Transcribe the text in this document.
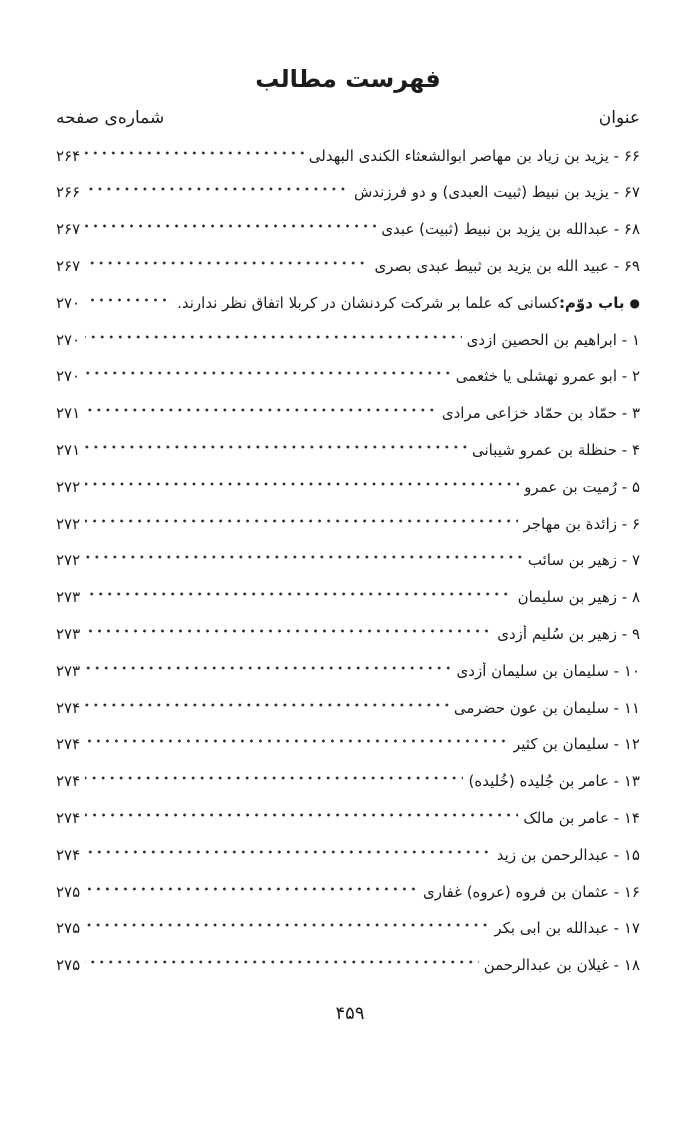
فهرست مطالب
عنوان
شماره‌ی صفحه
۶۶ - یزید بن زیاد بن مهاصر ابوالشعثاء الکندی البهدلی
۲۶۴
۶۷ - یزید بن نبیط (ثبیت العبدی) و دو فرزندش
۲۶۶
۶۸ - عبدالله بن یزید بن نبیط (ثبیت) عبدی
۲۶۷
۶۹ - عبید الله بن یزید بن ثبیط عبدی بصری
۲۶۷
●باب دوّم:کسانی که علما بر شرکت کردنشان در کربلا اتفاق نظر ندارند.
۲۷۰
۱ - ابراهیم بن الحصین ازدی
۲۷۰
۲ - ابو عمرو نهشلی یا خثعمی
۲۷۰
۳ - حمّاد بن حمّاد خزاعی مرادی
۲۷۱
۴ - حنظلة بن عمرو شیبانی
۲۷۱
۵ - رُمیت بن عمرو
۲۷۲
۶ - زائدة بن مهاجر
۲۷۲
۷ - زهیر بن سائب
۲۷۲
۸ - زهیر بن سلیمان
۲۷۳
۹ - زهیر بن سُلیم أزدی
۲۷۳
۱۰ - سلیمان بن سلیمان أزدی
۲۷۳
۱۱ - سلیمان بن عون حضرمی
۲۷۴
۱۲ - سلیمان بن کثیر
۲۷۴
۱۳ - عامر بن جُلیده (خُلیده)
۲۷۴
۱۴ - عامر بن مالک
۲۷۴
۱۵ - عبدالرحمن بن زید
۲۷۴
۱۶ - عثمان بن فروه (عروه) غفاری
۲۷۵
۱۷ - عبدالله بن ابی بکر
۲۷۵
۱۸ - غیلان بن عبدالرحمن
۲۷۵
۴۵۹
